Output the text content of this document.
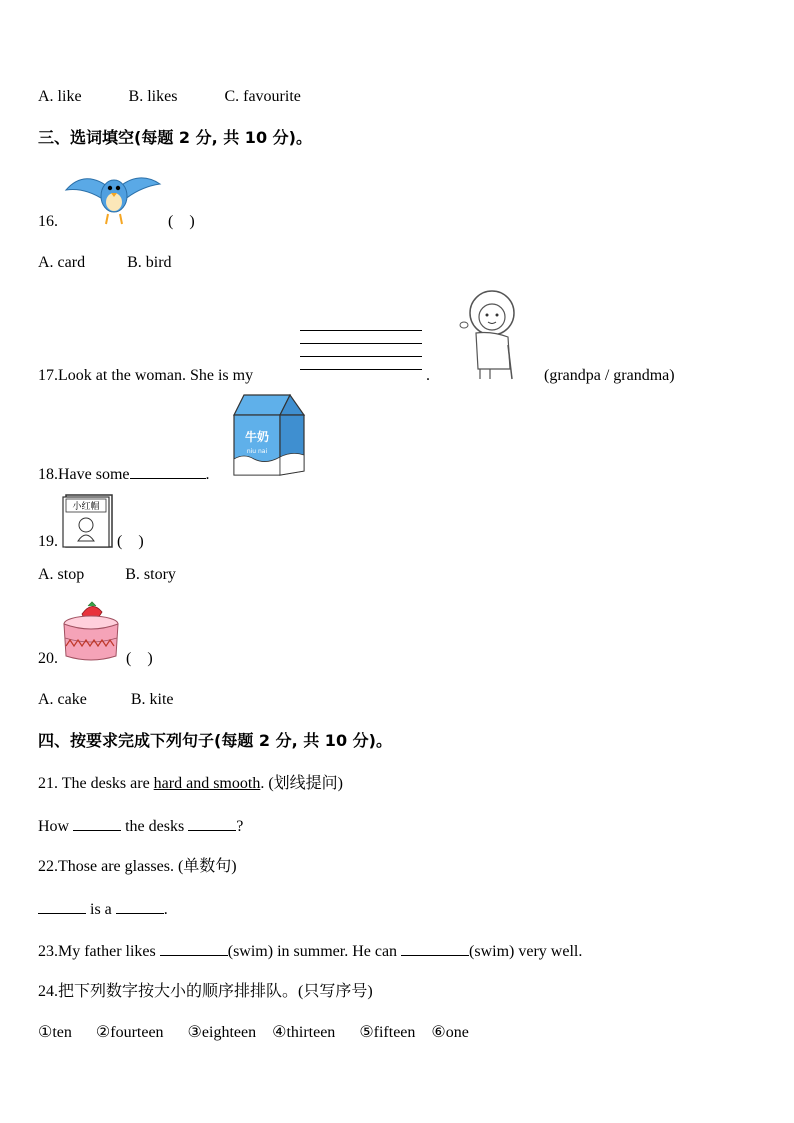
A. like	B. likes	C. favourite
三、选词填空(每题 2 分, 共 10 分)。
16.	(    )
A. card	B. bird
17.Look at the woman. She is my	.	(grandpa / grandma)
牛奶
niu nai
18.Have some	.
小红帽
19.	(    )
A. stop	B. story
20.	(    )
A. cake	B. kite
四、按要求完成下列句子(每题 2 分, 共 10 分)。
21. The desks are hard and smooth. (划线提问)
How	the desks	?
22.Those are glasses. (单数句)
is a	.
23.My father likes	(swim) in summer. He can	(swim) very well.
24.把下列数字按大小的顺序排排队。(只写序号)
①ten ②fourteen ③eighteen ④thirteen ⑤fifteen ⑥one
